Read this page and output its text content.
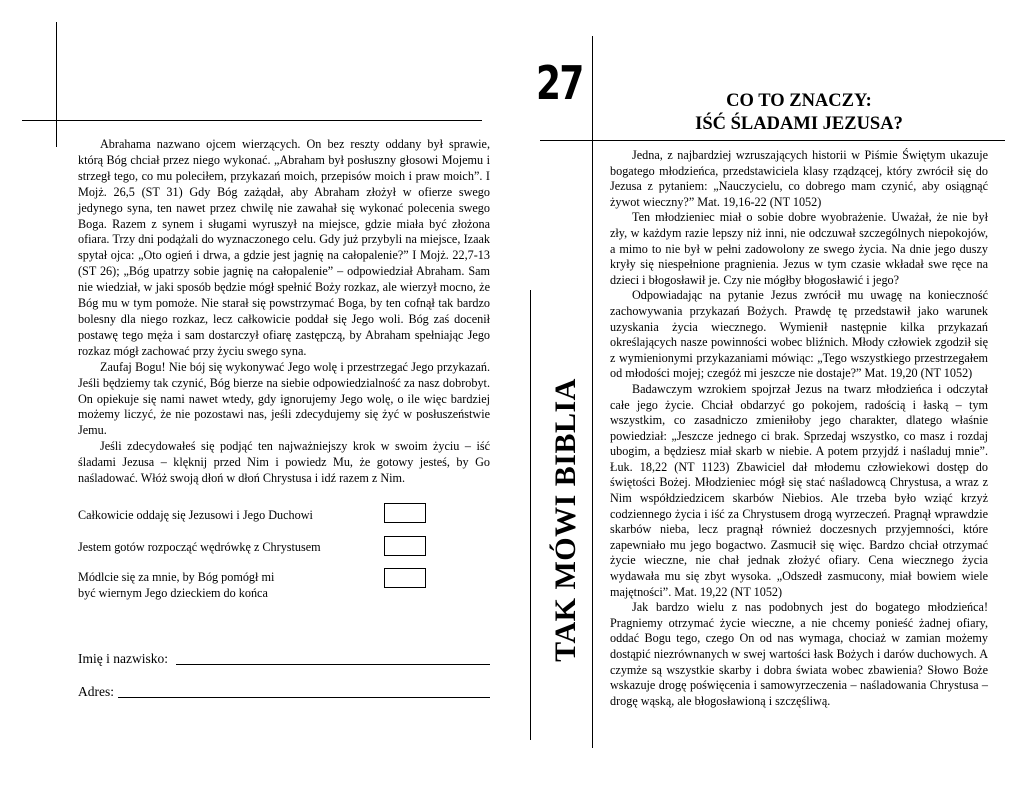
Abrahama nazwano ojcem wierzących. On bez reszty oddany był sprawie, którą Bóg chciał przez niego wykonać. „Abraham był posłuszny głosowi Mojemu i strzegł tego, co mu poleciłem, przykazań moich, przepisów moich i praw moich”. I Mojż. 26,5 (ST 31) Gdy Bóg zażądał, aby Abraham złożył w ofierze swego jedynego syna, ten nawet przez chwilę nie zawahał się wykonać polecenia swego Boga. Razem z synem i sługami wyruszył na miejsce, gdzie miała być złożona ofiara. Trzy dni podążali do wyznaczonego celu. Gdy już przybyli na miejsce, Izaak spytał ojca: „Oto ogień i drwa, a gdzie jest jagnię na całopalenie?” I Mojż. 22,7-13 (ST 26); „Bóg upatrzy sobie jagnię na całopalenie” – odpowiedział Abraham. Sam nie wiedział, w jaki sposób będzie mógł spełnić Boży rozkaz, ale wierzył mocno, że Bóg mu w tym pomoże. Nie starał się powstrzymać Boga, by ten cofnął tak bardzo bolesny dla niego rozkaz, lecz całkowicie poddał się Jego woli. Bóg zaś docenił postawę tego męża i sam dostarczył ofiarę zastępczą, by Abraham spełniając Jego rozkaz mógł zachować przy życiu swego syna.

Zaufaj Bogu! Nie bój się wykonywać Jego wolę i przestrzegać Jego przykazań. Jeśli będziemy tak czynić, Bóg bierze na siebie odpowiedzialność za nasz dobrobyt. On opiekuje się nami nawet wtedy, gdy ignorujemy Jego wolę, o ile więc bardziej możemy liczyć, że nie pozostawi nas, jeśli zdecydujemy się żyć w posłuszeństwie Jemu.

Jeśli zdecydowałeś się podjąć ten najważniejszy krok w swoim życiu – iść śladami Jezusa – klęknij przed Nim i powiedz Mu, że gotowy jesteś, by Go naśladować. Włóż swoją dłoń w dłoń Chrystusa i idź razem z Nim.

Całkowicie oddaję się Jezusowi i Jego Duchowi
Jestem gotów rozpocząć wędrówkę z Chrystusem
Módlcie się za mnie, by Bóg pomógł mi
być wiernym Jego dzieckiem do końca
Imię i nazwisko:
Adres:
27
TAK MÓWI BIBLIA
CO TO ZNACZY:
IŚĆ ŚLADAMI JEZUSA?

Jedna, z najbardziej wzruszających historii w Piśmie Świętym ukazuje bogatego młodzieńca, przedstawiciela klasy rządzącej, który zwrócił się do Jezusa z pytaniem: „Nauczycielu, co dobrego mam czynić, aby osiągnąć żywot wieczny?” Mat. 19,16-22 (NT 1052)

Ten młodzieniec miał o sobie dobre wyobrażenie. Uważał, że nie był zły, w każdym razie lepszy niż inni, nie odczuwał szczególnych niepokojów, a mimo to nie był w pełni zadowolony ze swego życia. Na dnie jego duszy kryły się niespełnione pragnienia. Jezus w tym czasie wkładał swe ręce na dzieci i błogosławił je. Czy nie mógłby błogosławić i jego?

Odpowiadając na pytanie Jezus zwrócił mu uwagę na konieczność zachowywania przykazań Bożych. Prawdę tę przedstawił jako warunek uzyskania życia wiecznego. Wymienił następnie kilka przykazań określających nasze powinności wobec bliźnich. Młody człowiek zgodził się z wymienionymi przykazaniami mówiąc: „Tego wszystkiego przestrzegałem od młodości mojej; czegóż mi jeszcze nie dostaje?” Mat. 19,20 (NT 1052)

Badawczym wzrokiem spojrzał Jezus na twarz młodzieńca i odczytał całe jego życie. Chciał obdarzyć go pokojem, radością i łaską – tym wszystkim, co zasadniczo zmieniłoby jego charakter, dlatego właśnie powiedział: „Jeszcze jednego ci brak. Sprzedaj wszystko, co masz i rozdaj ubogim, a będziesz miał skarb w niebie. A potem przyjdź i naśladuj mnie”. Łuk. 18,22 (NT 1123) Zbawiciel dał młodemu człowiekowi dostęp do świętości Bożej. Młodzieniec mógł się stać naśladowcą Chrystusa, a wraz z Nim współdziedzicem skarbów Niebios. Ale trzeba było wziąć krzyż codziennego życia i iść za Chrystusem drogą wyrzeczeń. Pragnął wprawdzie skarbów nieba, lecz pragnął również doczesnych przyjemności, które zapewniało mu jego bogactwo. Zasmucił się więc. Bardzo chciał otrzymać życie wieczne, nie chał jednak złożyć ofiary. Cena wiecznego życia wydawała mu się zbyt wysoka. „Odszedł zasmucony, miał bowiem wiele majętności”. Mat. 19,22 (NT 1052)

Jak bardzo wielu z nas podobnych jest do bogatego młodzieńca! Pragniemy otrzymać życie wieczne, a nie chcemy ponieść żadnej ofiary, oddać Bogu tego, czego On od nas wymaga, chociaż w zamian możemy dostąpić niezrównanych w swej wartości łask Bożych i darów duchowych. A czymże są wszystkie skarby i dobra świata wobec zbawienia? Słowo Boże wskazuje drogę poświęcenia i samowyrzeczenia – naśladowania Chrystusa – drogę wąską, ale błogosławioną i szczęśliwą.
